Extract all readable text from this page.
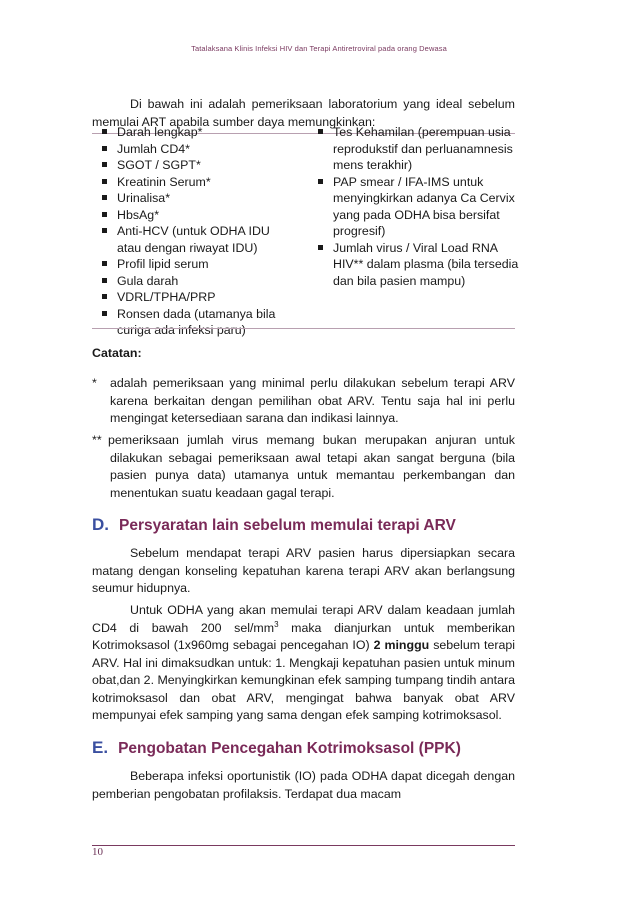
Tatalaksana Klinis Infeksi HIV dan Terapi Antiretroviral pada orang Dewasa

Di bawah ini adalah pemeriksaan laboratorium yang ideal sebelum memulai ART apabila sumber daya memungkinkan:

Darah lengkap*
Jumlah CD4*
SGOT / SGPT*
Kreatinin Serum*
Urinalisa*
HbsAg*
Anti-HCV (untuk ODHA IDU atau dengan riwayat IDU)
Profil lipid serum
Gula darah
VDRL/TPHA/PRP
Ronsen dada (utamanya bila curiga ada infeksi paru)
Tes Kehamilan (perempuan usia reprodukstif dan perluanamnesis mens terakhir)
PAP smear / IFA-IMS untuk menyingkirkan adanya Ca Cervix yang pada ODHA bisa bersifat progresif)
Jumlah virus / Viral Load RNA HIV** dalam plasma (bila tersedia dan bila pasien mampu)
Catatan:
* adalah pemeriksaan yang minimal perlu dilakukan sebelum terapi ARV karena berkaitan dengan pemilihan obat ARV. Tentu saja hal ini perlu mengingat ketersediaan sarana dan indikasi lainnya.

** pemeriksaan jumlah virus memang bukan merupakan anjuran untuk dilakukan sebagai pemeriksaan awal tetapi akan sangat berguna (bila pasien punya data) utamanya untuk memantau perkembangan dan menentukan suatu keadaan gagal terapi.

D. Persyaratan lain sebelum memulai terapi ARV

Sebelum mendapat terapi ARV pasien harus dipersiapkan secara matang dengan konseling kepatuhan karena terapi ARV akan berlangsung seumur hidupnya.

Untuk ODHA yang akan memulai terapi ARV dalam keadaan jumlah CD4 di bawah 200 sel/$mm^3$ maka dianjurkan untuk memberikan Kotrimoksasol (1x960mg sebagai pencegahan IO) 2 minggu sebelum terapi ARV. Hal ini dimaksudkan untuk: 1. Mengkaji kepatuhan pasien untuk minum obat,dan 2. Menyingkirkan kemungkinan efek samping tumpang tindih antara kotrimoksasol dan obat ARV, mengingat bahwa banyak obat ARV mempunyai efek samping yang sama dengan efek samping kotrimoksasol.

E. Pengobatan Pencegahan Kotrimoksasol (PPK)

Beberapa infeksi oportunistik (IO) pada ODHA dapat dicegah dengan pemberian pengobatan profilaksis. Terdapat dua macam

10
